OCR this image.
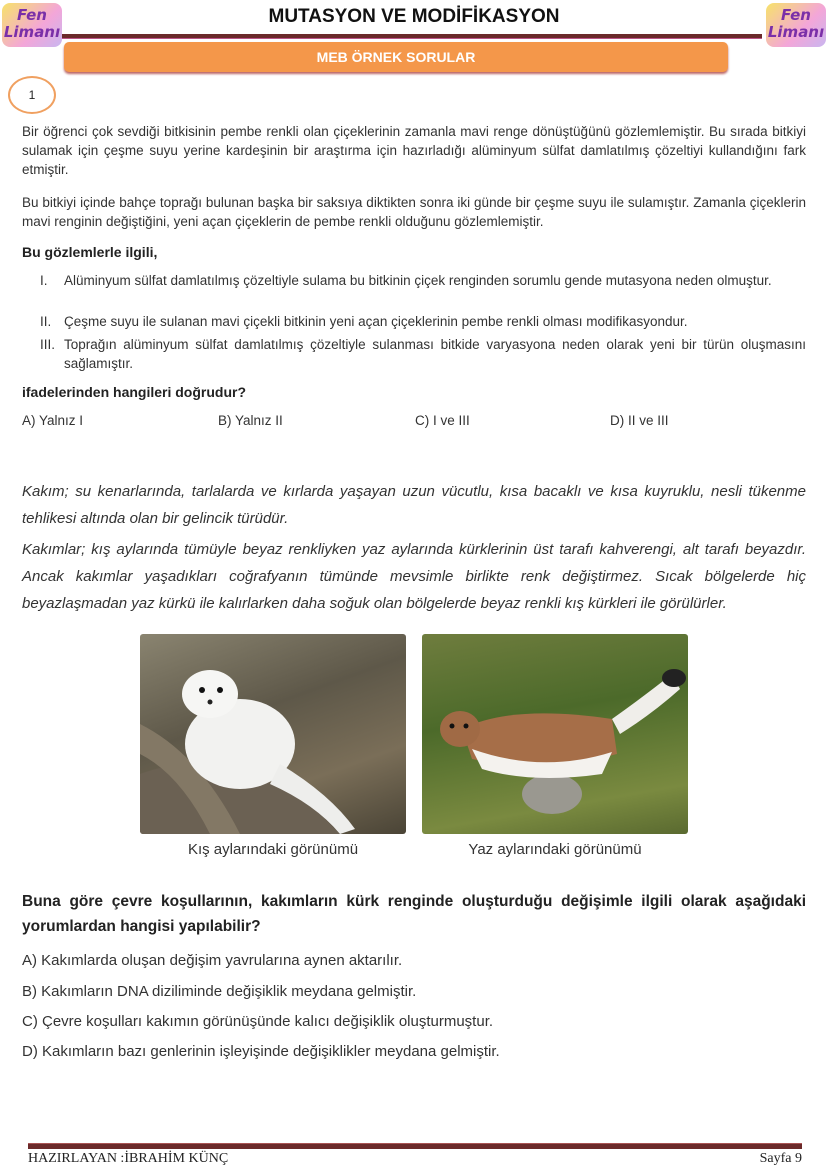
Fen
Limanı
Fen
Limanı
MUTASYON VE MODİFİKASYON
MEB ÖRNEK SORULAR
1

Bir öğrenci çok sevdiği bitkisinin pembe renkli olan çiçeklerinin zamanla mavi renge dönüştüğünü gözlemlemiştir. Bu sırada bitkiyi sulamak için çeşme suyu yerine kardeşinin bir araştırma için hazırladığı alüminyum sülfat damlatılmış çözeltiyi kullandığını fark etmiştir.

Bu bitkiyi içinde bahçe toprağı bulunan başka bir saksıya diktikten sonra iki günde bir çeşme suyu ile sulamıştır. Zamanla çiçeklerin mavi renginin değiştiğini, yeni açan çiçeklerin de pembe renkli olduğunu gözlemlemiştir.

Bu gözlemlerle ilgili,

I. Alüminyum sülfat damlatılmış çözeltiyle sulama bu bitkinin çiçek renginden sorumlu gende mutasyona neden olmuştur.
II. Çeşme suyu ile sulanan mavi çiçekli bitkinin yeni açan çiçeklerinin pembe renkli olması modifikasyondur.
III. Toprağın alüminyum sülfat damlatılmış çözeltiyle sulanması bitkide varyasyona neden olarak yeni bir türün oluşmasını sağlamıştır.

ifadelerinden hangileri doğrudur?

A) Yalnız I	B) Yalnız II	C) I ve III	D) II ve III

Kakım; su kenarlarında, tarlalarda ve kırlarda yaşayan uzun vücutlu, kısa bacaklı ve kısa kuyruklu, nesli tükenme tehlikesi altında olan bir gelincik türüdür.

Kakımlar; kış aylarında tümüyle beyaz renkliyken yaz aylarında kürklerinin üst tarafı kahverengi, alt tarafı beyazdır. Ancak kakımlar yaşadıkları coğrafyanın tümünde mevsimle birlikte renk değiştirmez. Sıcak bölgelerde hiç beyazlaşmadan yaz kürkü ile kalırlarken daha soğuk olan bölgelerde beyaz renkli kış kürkleri ile görülürler.

Kış aylarındaki görünümü	Yaz aylarındaki görünümü

Buna göre çevre koşullarının, kakımların kürk renginde oluşturduğu değişimle ilgili olarak aşağıdaki yorumlardan hangisi yapılabilir?

A) Kakımlarda oluşan değişim yavrularına aynen aktarılır.
B) Kakımların DNA diziliminde değişiklik meydana gelmiştir.
C) Çevre koşulları kakımın görünüşünde kalıcı değişiklik oluşturmuştur.
D) Kakımların bazı genlerinin işleyişinde değişiklikler meydana gelmiştir.
HAZIRLAYAN :İBRAHİM KÜNÇ	Sayfa 9
